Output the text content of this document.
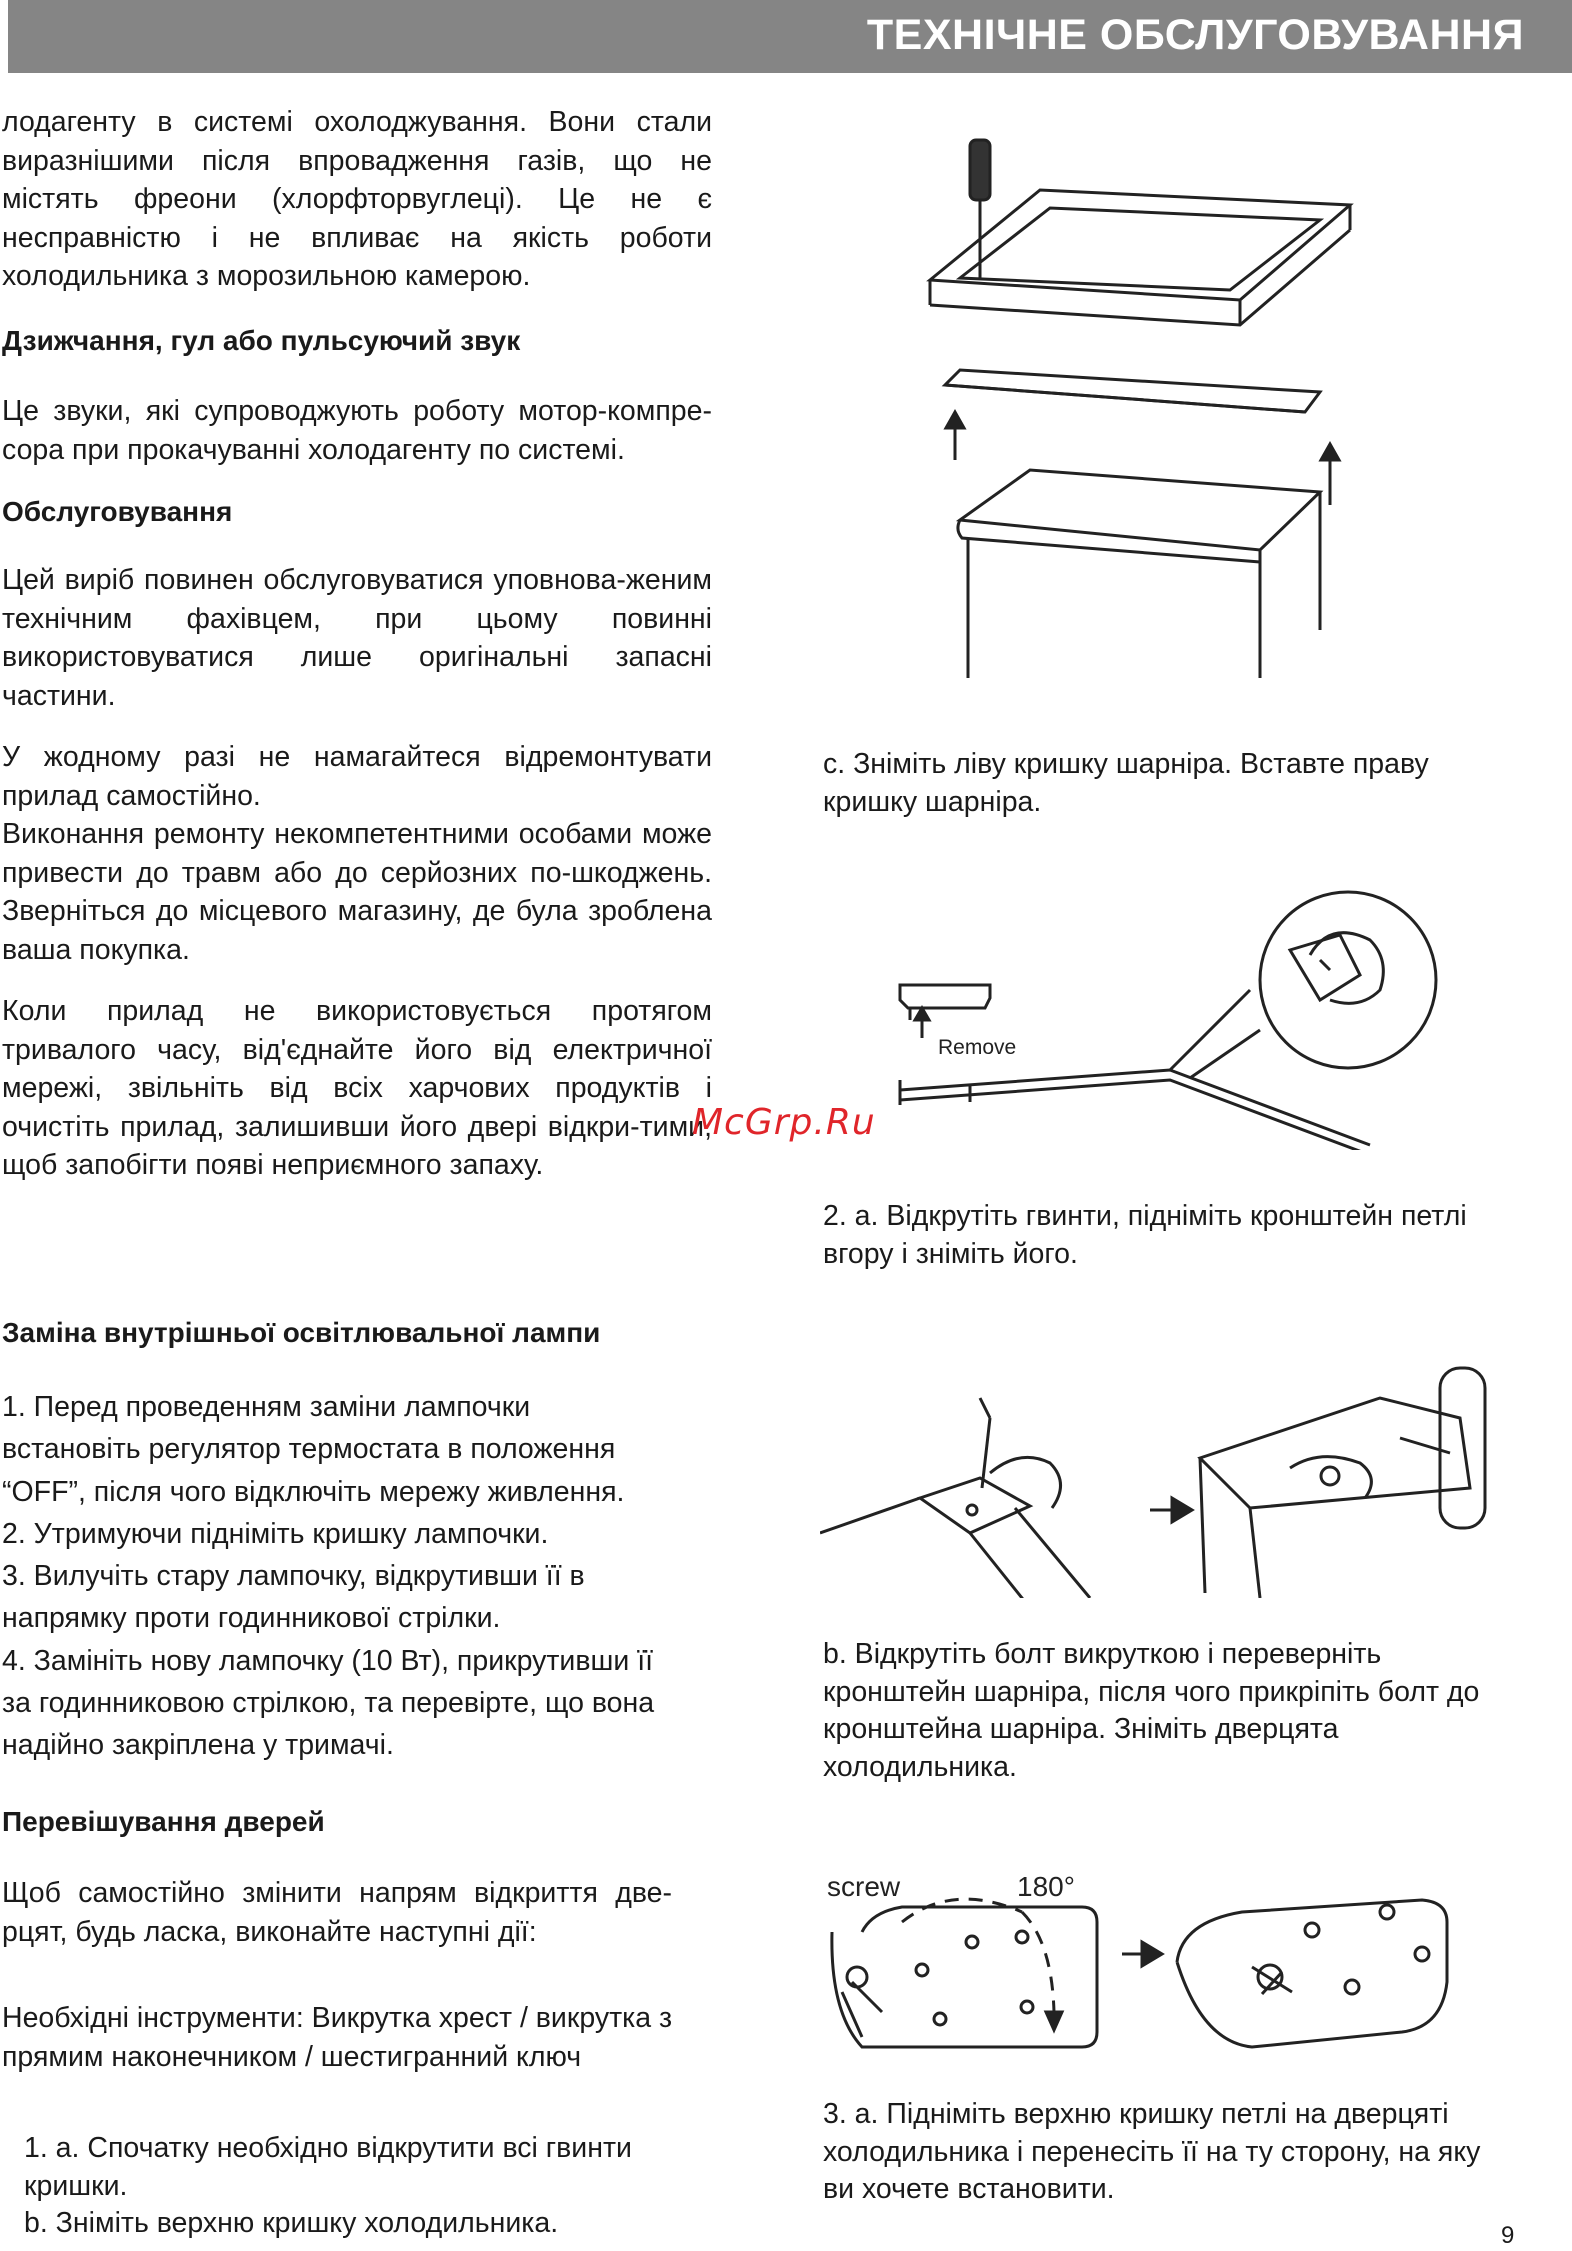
ТЕХНІЧНЕ ОБСЛУГОВУВАННЯ

лодагенту в системі охолоджування. Вони стали виразнішими після впровадження газів, що не містять фреони (хлорфторвуглеці). Це не є несправністю і не впливає на якість роботи холодильника з морозильною камерою.

Дзижчання, гул або пульсуючий звук

Це звуки, які супроводжують роботу мотор-компре-сора при прокачуванні холодагенту по системі.

Обслуговування

Цей виріб повинен обслуговуватися уповнова-женим технічним фахівцем, при цьому повинні використовуватися лише оригінальні запасні частини.

У жодному разі не намагайтеся відремонтувати прилад самостійно.

Виконання ремонту некомпетентними особами може привести до травм або до серйозних по-шкоджень. Зверніться до місцевого магазину, де була зроблена ваша покупка.

Коли прилад не використовується протягом тривалого часу, від'єднайте його від електричної мережі, звільніть від всіх харчових продуктів і очистіть прилад, залишивши його двері відкри-тими, щоб запобігти появі неприємного запаху.

Заміна внутрішньої освітлювальної лампи

1. Перед проведенням заміни лампочки
встановіть регулятор термостата в положення
“OFF”, після чого відключіть мережу живлення.
2. Утримуючи підніміть кришку лампочки.
3. Вилучіть стару лампочку, відкрутивши її в
напрямку проти годинникової стрілки.
4. Замініть нову лампочку (10 Вт), прикрутивши її
за годинниковою стрілкою, та перевірте, що вона
надійно закріплена у тримачі.

Перевішування дверей

Щоб самостійно змінити напрям відкриття две-рцят, будь ласка, виконайте наступні дії:

Необхідні інструменти: Викрутка хрест / викрутка з прямим наконечником / шестигранний ключ

1. a. Спочатку необхідно відкрутити всі гвинти кришки.

b. Зніміть верхню кришку холодильника.

c. Зніміть ліву кришку шарніра. Вставте праву кришку шарніра.

Remove
McGrp.Ru

2. a. Відкрутіть гвинти, підніміть кронштейн петлі вгору і зніміть його.

b. Відкрутіть болт викруткою і переверніть кронштейн шарніра, після чого прикріпіть болт до кронштейна шарніра. Зніміть дверцята холодильника.

screw	180°

3. a. Підніміть верхню кришку петлі на дверцяті холодильника і перенесіть її на ту сторону, на яку ви хочете встановити.

9
